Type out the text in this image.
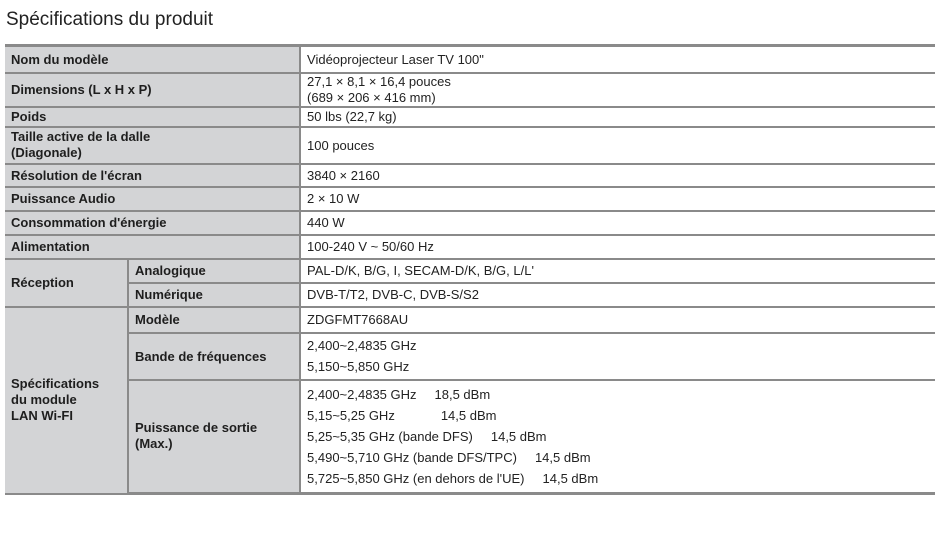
Spécifications du produit
Nom du modèle		Vidéoprojecteur Laser TV 100"
Dimensions (L x H x P)		27,1 × 8,1 × 16,4 pouces
(689 × 206 × 416 mm)

Poids		50 lbs (22,7 kg)

Taille active de la dalle
(Diagonale)		100 pouces
Résolution de l'écran		3840 × 2160
Puissance Audio		2 × 10 W
Consommation d'énergie		440 W
Alimentation		100-240 V ~ 50/60 Hz
Réception	Analogique	PAL-D/K, B/G, I, SECAM-D/K, B/G, L/L'
	Numérique	DVB-T/T2, DVB-C, DVB-S/S2

Spécifications
du module
LAN Wi-FI	Modèle	ZDGFMT7668AU
	Bande de fréquences	2,400~2,4835 GHz
5,150~5,850 GHz

	Puissance de sortie
(Max.)	2,400~2,4835 GHz 18,5 dBm
5,15~5,25 GHz 14,5 dBm
5,25~5,35 GHz (bande DFS) 14,5 dBm
5,490~5,710 GHz (bande DFS/TPC) 14,5 dBm
5,725~5,850 GHz (en dehors de l'UE) 14,5 dBm
